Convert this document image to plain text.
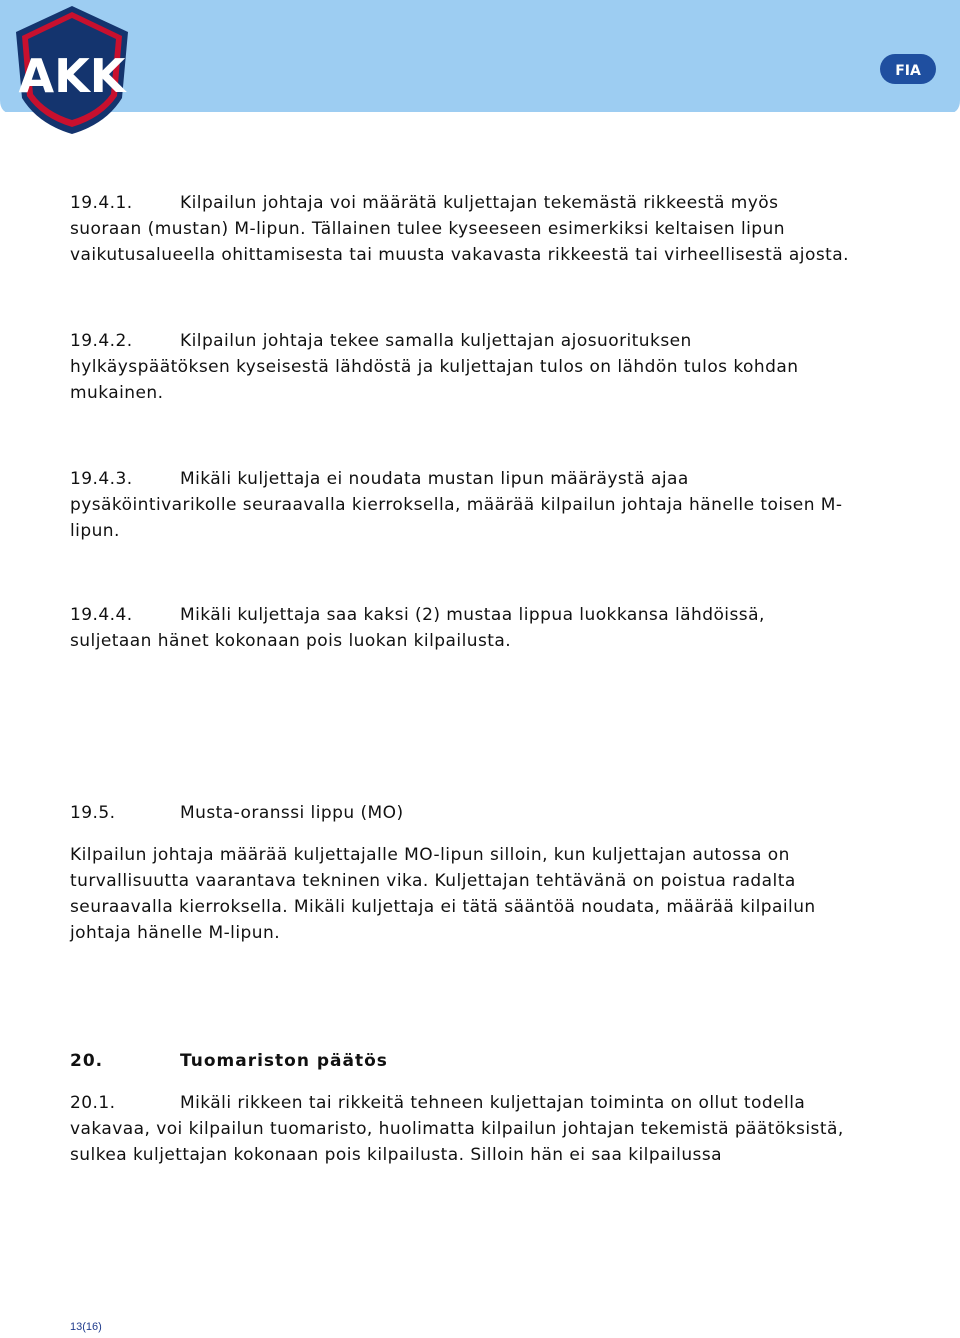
AKK	FIA

19.4.1.	Kilpailun johtaja voi määrätä kuljettajan tekemästä rikkeestä myös
suoraan (mustan) M-lipun. Tällainen tulee kyseeseen esimerkiksi keltaisen lipun
vaikutusalueella ohittamisesta tai muusta vakavasta rikkeestä tai virheellisestä ajosta.

19.4.2.	Kilpailun johtaja tekee samalla kuljettajan ajosuorituksen
hylkäyspäätöksen kyseisestä lähdöstä ja kuljettajan tulos on lähdön tulos kohdan
mukainen.

19.4.3.	Mikäli kuljettaja ei noudata mustan lipun määräystä ajaa
pysäköintivarikolle seuraavalla kierroksella, määrää kilpailun johtaja hänelle toisen M-
lipun.

19.4.4.	Mikäli kuljettaja saa kaksi (2) mustaa lippua luokkansa lähdöissä,
suljetaan hänet kokonaan pois luokan kilpailusta.

19.5.	Musta-oranssi lippu (MO)

Kilpailun johtaja määrää kuljettajalle MO-lipun silloin, kun kuljettajan autossa on
turvallisuutta vaarantava tekninen vika. Kuljettajan tehtävänä on poistua radalta
seuraavalla kierroksella. Mikäli kuljettaja ei tätä sääntöä noudata, määrää kilpailun
johtaja hänelle M-lipun.

20.	Tuomariston päätös

20.1.	Mikäli rikkeen tai rikkeitä tehneen kuljettajan toiminta on ollut todella
vakavaa, voi kilpailun tuomaristo, huolimatta kilpailun johtajan tekemistä päätöksistä,
sulkea kuljettajan kokonaan pois kilpailusta. Silloin hän ei saa kilpailussa

13(16)
